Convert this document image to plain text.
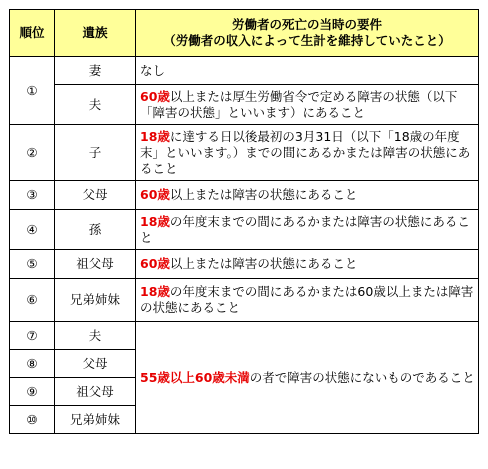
順位	遺族	労働者の死亡の当時の要件
（労働者の収入によって生計を維持していたこと）

①	妻	なし
	夫	60歳以上または厚生労働省令で定める障害の状態（以下「障害の状態」といいます）にあること
②	子	18歳に達する日以後最初の3月31日（以下「18歳の年度末」といいます。）までの間にあるかまたは障害の状態にあること
③	父母	60歳以上または障害の状態にあること
④	孫	18歳の年度末までの間にあるかまたは障害の状態にあること
⑤	祖父母	60歳以上または障害の状態にあること
⑥	兄弟姉妹	18歳の年度末までの間にあるかまたは60歳以上または障害の状態にあること
⑦	夫	55歳以上60歳未満の者で障害の状態にないものであること
⑧	父母	
⑨	祖父母	
⑩	兄弟姉妹	
